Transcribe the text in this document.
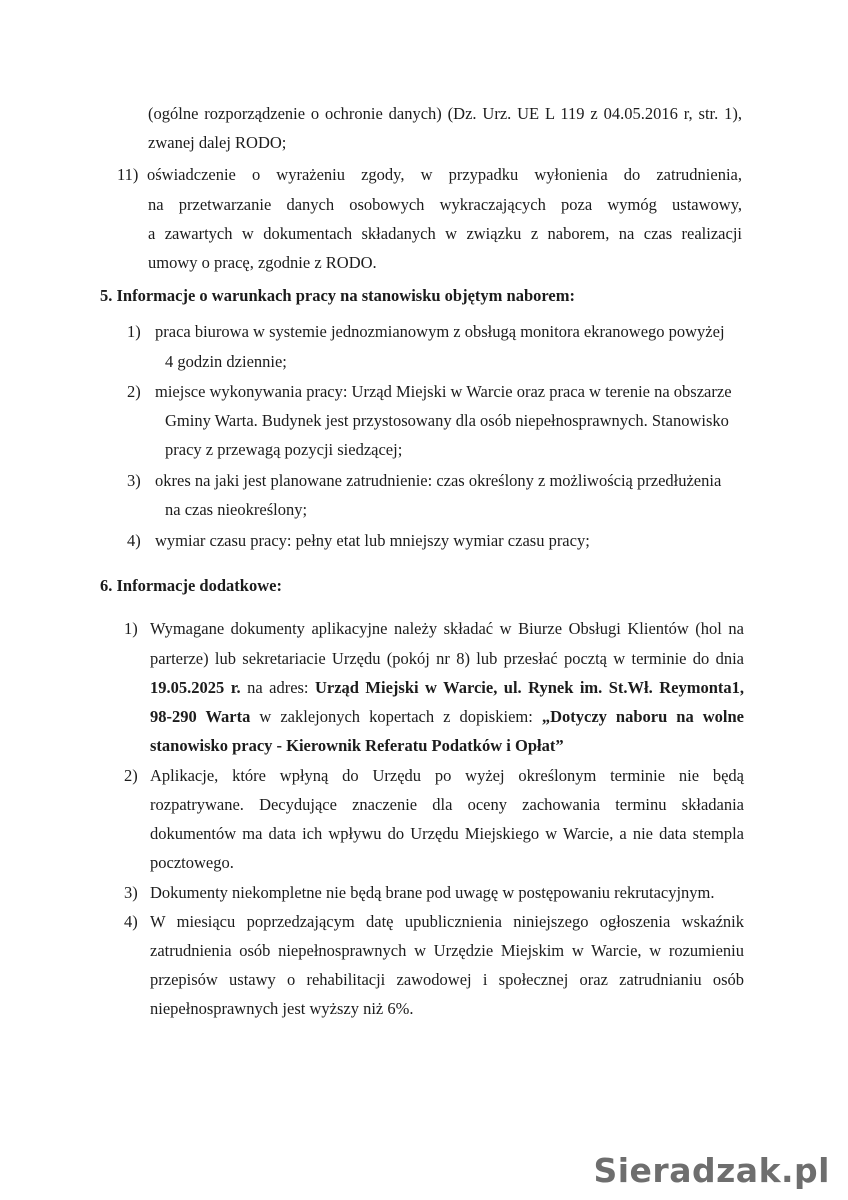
(ogólne rozporządzenie o ochronie danych) (Dz. Urz. UE L 119 z 04.05.2016 r, str. 1),
zwanej dalej RODO;
11) oświadczenie o wyrażeniu zgody, w przypadku wyłonienia do zatrudnienia,
na przetwarzanie danych osobowych wykraczających poza wymóg ustawowy,
a zawartych w dokumentach składanych w związku z naborem, na czas realizacji
umowy o pracę, zgodnie z RODO.
5. Informacje o warunkach pracy na stanowisku objętym naborem:
1) praca biurowa w systemie jednozmianowym z obsługą monitora ekranowego powyżej
4 godzin dziennie;
2) miejsce wykonywania pracy: Urząd Miejski w Warcie oraz praca w terenie na obszarze
Gminy Warta. Budynek jest przystosowany dla osób niepełnosprawnych. Stanowisko
pracy z przewagą pozycji siedzącej;
3) okres na jaki jest planowane zatrudnienie: czas określony z możliwością przedłużenia
na czas nieokreślony;
4) wymiar czasu pracy: pełny etat lub mniejszy wymiar czasu pracy;
6. Informacje dodatkowe:
1) Wymagane dokumenty aplikacyjne należy składać w Biurze Obsługi Klientów (hol na
parterze) lub sekretariacie Urzędu (pokój nr 8) lub przesłać pocztą w terminie do dnia
19.05.2025 r. na adres: Urząd Miejski w Warcie, ul. Rynek im. St.Wł. Reymonta1,
98-290 Warta w zaklejonych kopertach z dopiskiem: „Dotyczy naboru na wolne
stanowisko pracy - Kierownik Referatu Podatków i Opłat”
2) Aplikacje, które wpłyną do Urzędu po wyżej określonym terminie nie będą
rozpatrywane. Decydujące znaczenie dla oceny zachowania terminu składania
dokumentów ma data ich wpływu do Urzędu Miejskiego w Warcie, a nie data stempla
pocztowego.
3) Dokumenty niekompletne nie będą brane pod uwagę w postępowaniu rekrutacyjnym.
4) W miesiącu poprzedzającym datę upublicznienia niniejszego ogłoszenia wskaźnik
zatrudnienia osób niepełnosprawnych w Urzędzie Miejskim w Warcie, w rozumieniu
przepisów ustawy o rehabilitacji zawodowej i społecznej oraz zatrudnianiu osób
niepełnosprawnych jest wyższy niż 6%.
Sieradzak.pl
